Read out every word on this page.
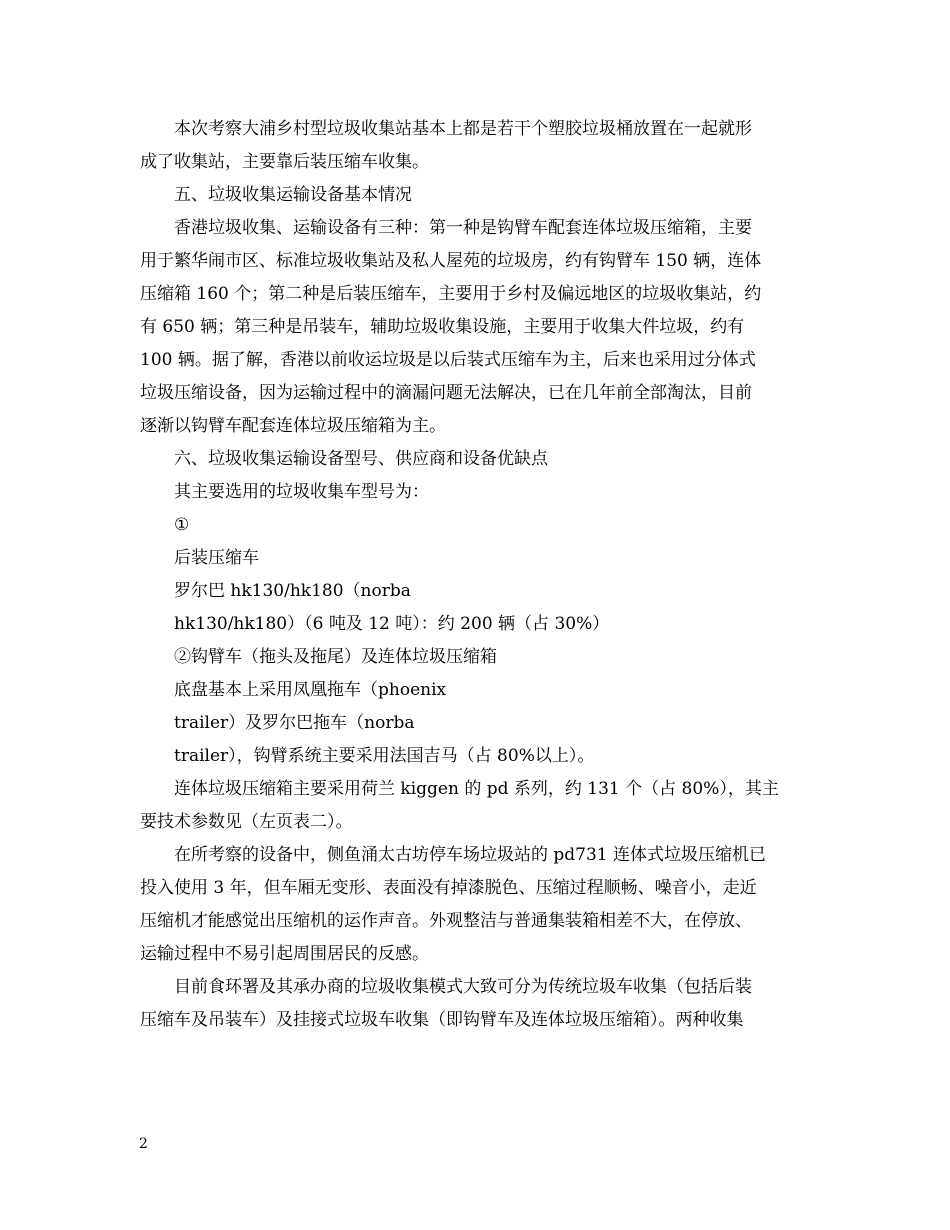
本次考察大浦乡村型垃圾收集站基本上都是若干个塑胶垃圾桶放置在一起就形
成了收集站，主要靠后装压缩车收集。
五、垃圾收集运输设备基本情况
香港垃圾收集、运输设备有三种：第一种是钩臂车配套连体垃圾压缩箱，主要
用于繁华闹市区、标准垃圾收集站及私人屋苑的垃圾房，约有钩臂车 150 辆，连体
压缩箱 160 个；第二种是后装压缩车，主要用于乡村及偏远地区的垃圾收集站，约
有 650 辆；第三种是吊装车，辅助垃圾收集设施，主要用于收集大件垃圾，约有
100 辆。据了解，香港以前收运垃圾是以后装式压缩车为主，后来也采用过分体式
垃圾压缩设备，因为运输过程中的滴漏问题无法解决，已在几年前全部淘汰，目前
逐渐以钩臂车配套连体垃圾压缩箱为主。
六、垃圾收集运输设备型号、供应商和设备优缺点
其主要选用的垃圾收集车型号为：
①
后装压缩车
罗尔巴 hk130/hk180（norba
hk130/hk180）（6 吨及 12 吨）：约 200 辆（占 30%）
②钩臂车（拖头及拖尾）及连体垃圾压缩箱
底盘基本上采用凤凰拖车（phoenix
trailer）及罗尔巴拖车（norba
trailer），钩臂系统主要采用法国吉马（占 80%以上）。
连体垃圾压缩箱主要采用荷兰 kiggen 的 pd 系列，约 131 个（占 80%），其主
要技术参数见（左页表二）。
在所考察的设备中，侧鱼涌太古坊停车场垃圾站的 pd731 连体式垃圾压缩机已
投入使用 3 年，但车厢无变形、表面没有掉漆脱色、压缩过程顺畅、噪音小，走近
压缩机才能感觉出压缩机的运作声音。外观整洁与普通集装箱相差不大，在停放、
运输过程中不易引起周围居民的反感。
目前食环署及其承办商的垃圾收集模式大致可分为传统垃圾车收集（包括后装
压缩车及吊装车）及挂接式垃圾车收集（即钩臂车及连体垃圾压缩箱）。两种收集
2
